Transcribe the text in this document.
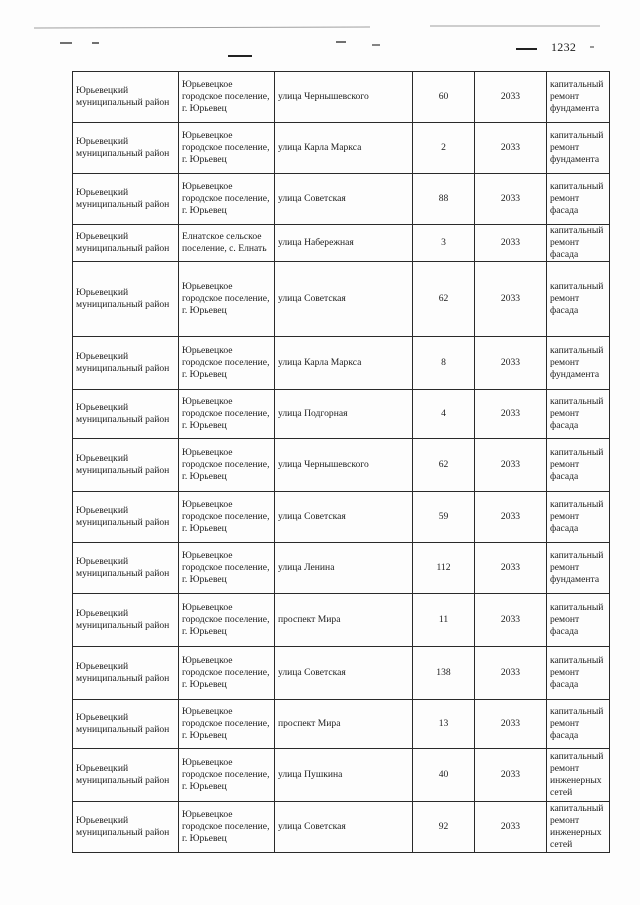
1232
Юрьевецкий муниципальный район	Юрьевецкое городское поселение, г. Юрьевец	улица Чернышевского	60	2033	капитальный ремонт фундамента
Юрьевецкий муниципальный район	Юрьевецкое городское поселение, г. Юрьевец	улица Карла Маркса	2	2033	капитальный ремонт фундамента
Юрьевецкий муниципальный район	Юрьевецкое городское поселение, г. Юрьевец	улица Советская	88	2033	капитальный ремонт фасада
Юрьевецкий муниципальный район	Елнатское сельское поселение, с. Елнать	улица Набережная	3	2033	капитальный ремонт фасада
Юрьевецкий муниципальный район	Юрьевецкое городское поселение, г. Юрьевец	улица Советская	62	2033	капитальный ремонт фасада
Юрьевецкий муниципальный район	Юрьевецкое городское поселение, г. Юрьевец	улица Карла Маркса	8	2033	капитальный ремонт фундамента
Юрьевецкий муниципальный район	Юрьевецкое городское поселение, г. Юрьевец	улица Подгорная	4	2033	капитальный ремонт фасада
Юрьевецкий муниципальный район	Юрьевецкое городское поселение, г. Юрьевец	улица Чернышевского	62	2033	капитальный ремонт фасада
Юрьевецкий муниципальный район	Юрьевецкое городское поселение, г. Юрьевец	улица Советская	59	2033	капитальный ремонт фасада
Юрьевецкий муниципальный район	Юрьевецкое городское поселение, г. Юрьевец	улица Ленина	112	2033	капитальный ремонт фундамента
Юрьевецкий муниципальный район	Юрьевецкое городское поселение, г. Юрьевец	проспект Мира	11	2033	капитальный ремонт фасада
Юрьевецкий муниципальный район	Юрьевецкое городское поселение, г. Юрьевец	улица Советская	138	2033	капитальный ремонт фасада
Юрьевецкий муниципальный район	Юрьевецкое городское поселение, г. Юрьевец	проспект Мира	13	2033	капитальный ремонт фасада
Юрьевецкий муниципальный район	Юрьевецкое городское поселение, г. Юрьевец	улица Пушкина	40	2033	капитальный ремонт инженерных сетей
Юрьевецкий муниципальный район	Юрьевецкое городское поселение, г. Юрьевец	улица Советская	92	2033	капитальный ремонт инженерных сетей
